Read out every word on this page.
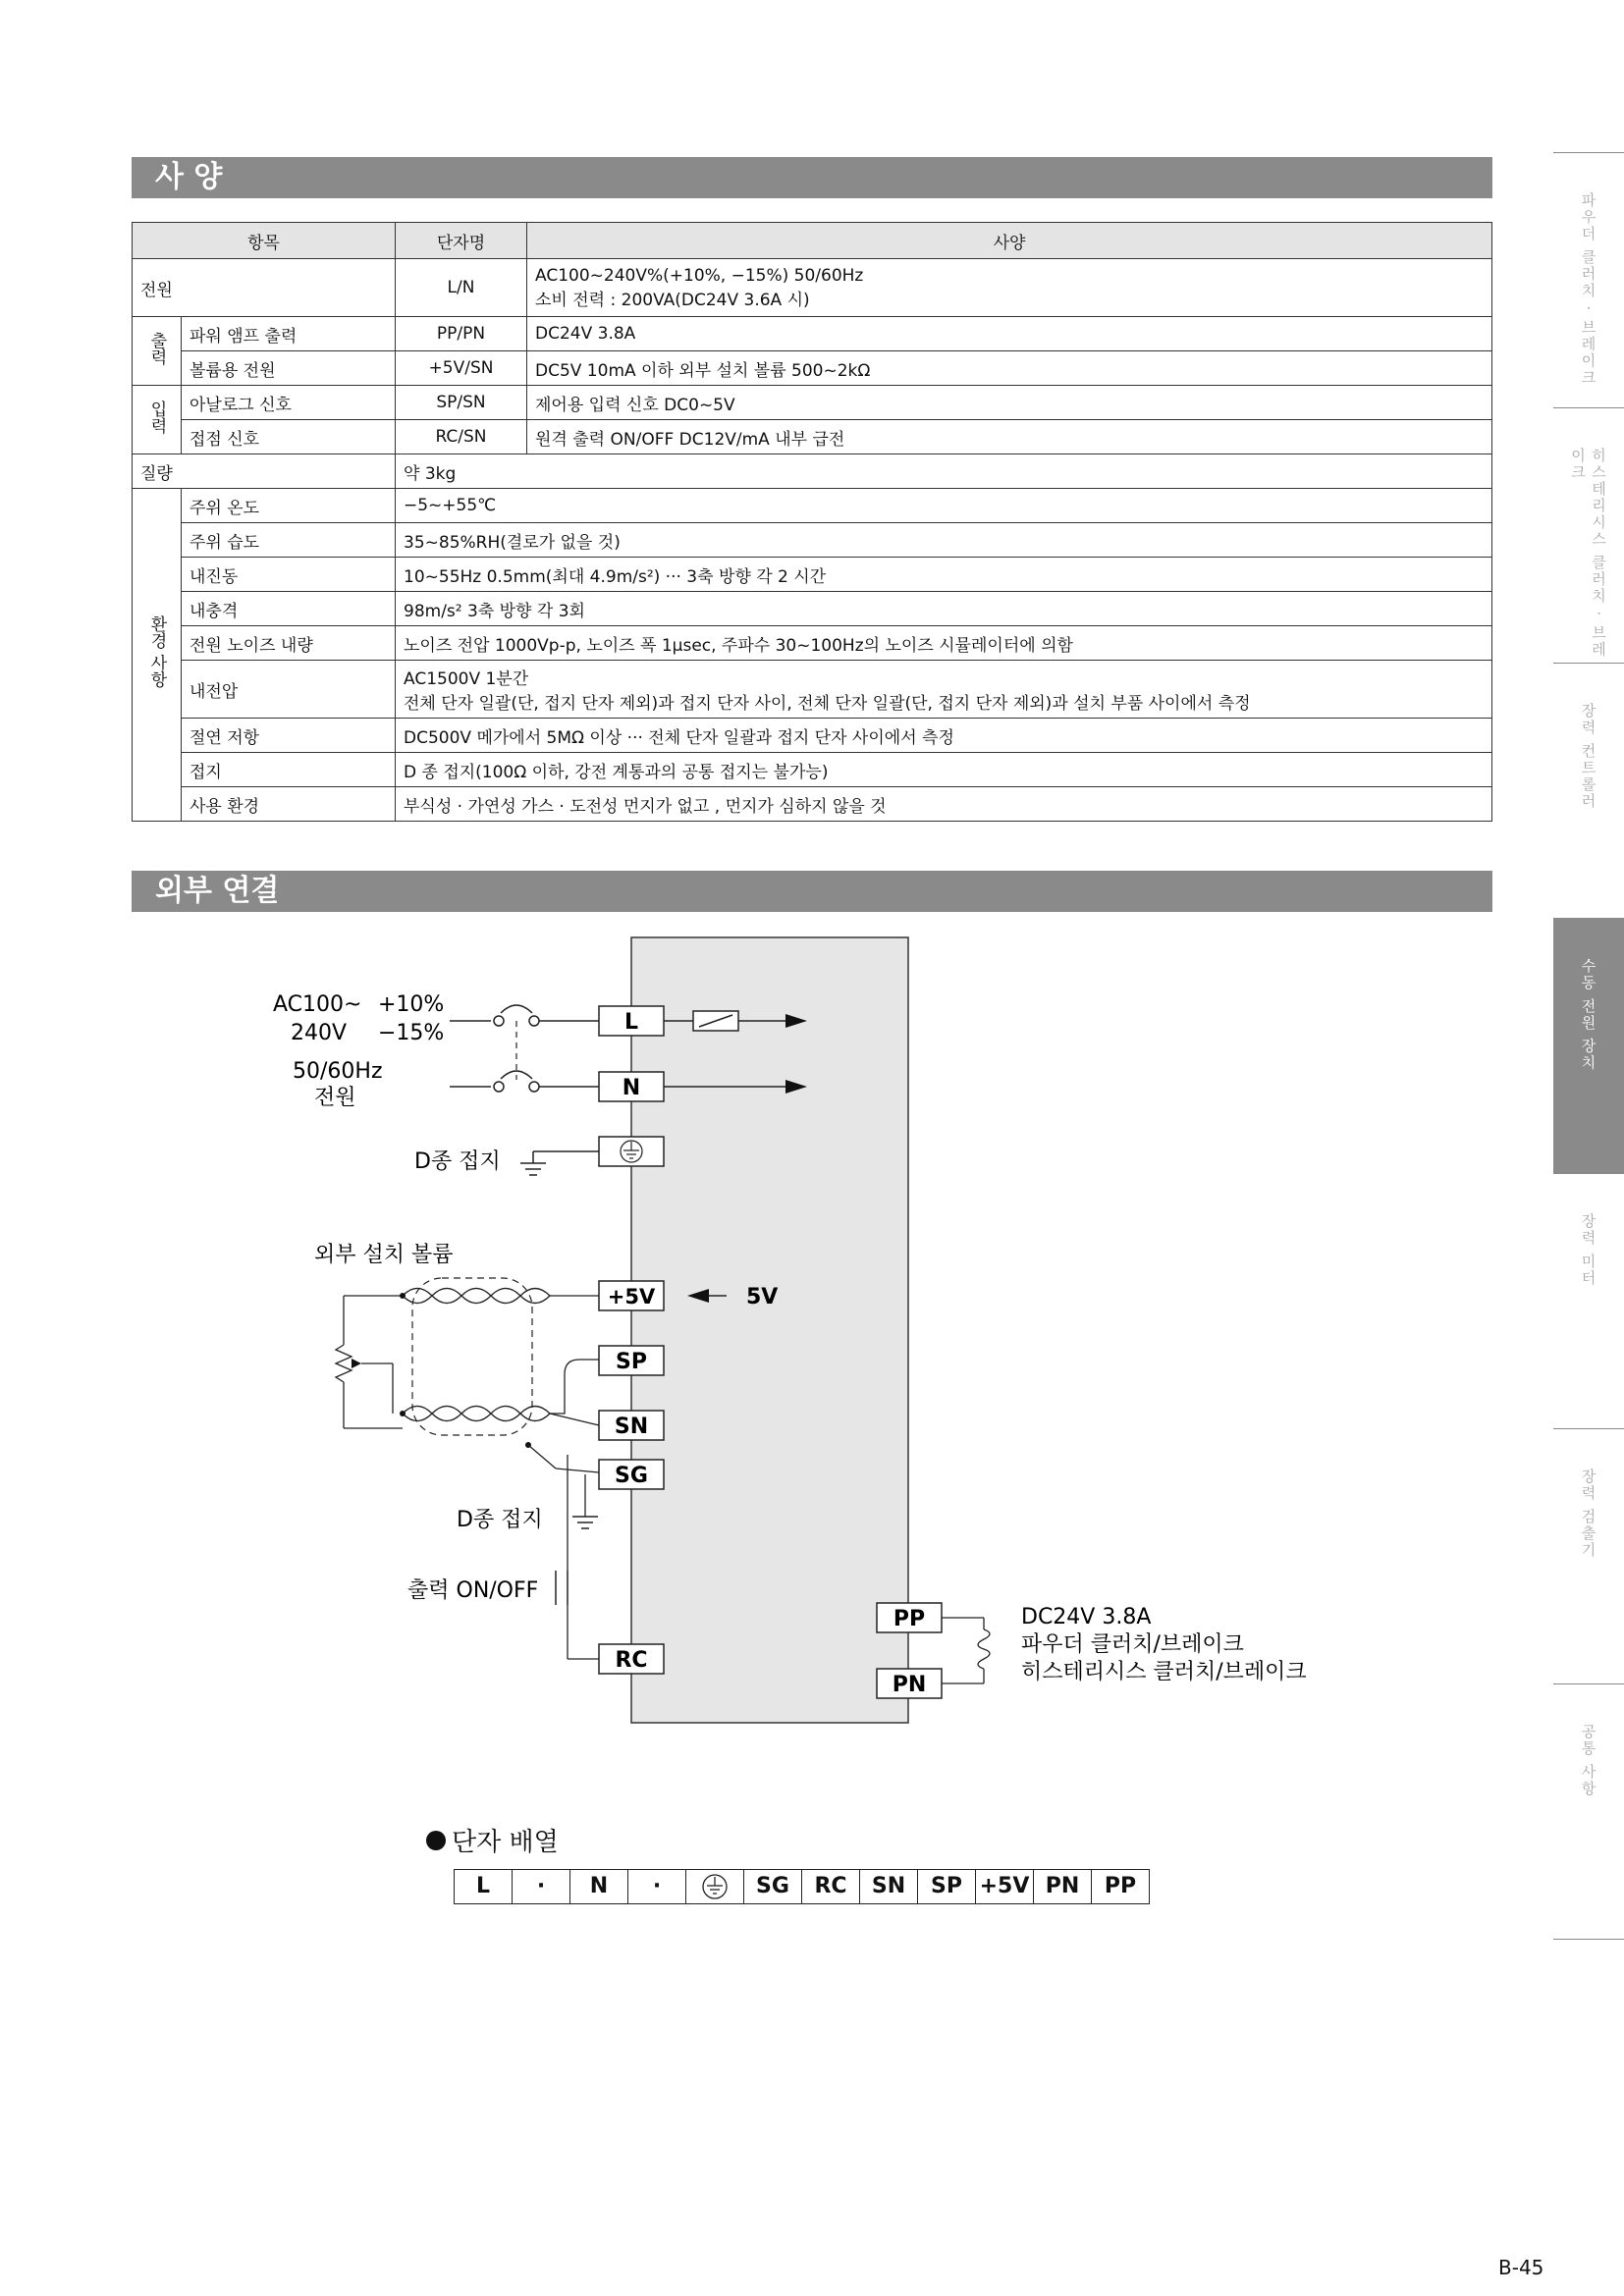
사 양
항목		단자명	사양
전원		L/N	AC100~240V%(+10%, −15%) 50/60Hz
소비 전력 : 200VA(DC24V 3.6A 시)

출력	파워 앰프 출력	PP/PN	DC24V 3.8A
	볼륨용 전원	+5V/SN	DC5V 10mA 이하 외부 설치 볼륨 500~2kΩ
입력	아날로그 신호	SP/SN	제어용 입력 신호 DC0~5V
	접점 신호	RC/SN	원격 출력 ON/OFF DC12V/mA 내부 급전
질량		약 3kg	
환경 사항	주위 온도	−5~+55℃	
	주위 습도	35~85%RH(결로가 없을 것)	
	내진동	10~55Hz 0.5mm(최대 4.9m/s²) ··· 3축 방향 각 2 시간	
	내충격	98m/s² 3축 방향 각 3회	
	전원 노이즈 내량	노이즈 전압 1000Vp-p, 노이즈 폭 1μsec, 주파수 30~100Hz의 노이즈 시뮬레이터에 의함	
	내전압	AC1500V 1분간
전체 단자 일괄(단, 접지 단자 제외)과 접지 단자 사이, 전체 단자 일괄(단, 접지 단자 제외)과 설치 부품 사이에서 측정	

	절연 저항	DC500V 메가에서 5MΩ 이상 ··· 전체 단자 일괄과 접지 단자 사이에서 측정	
	접지	D 종 접지(100Ω 이하, 강전 계통과의 공통 접지는 불가능)	
	사용 환경	부식성 · 가연성 가스 · 도전성 먼지가 없고 , 먼지가 심하지 않을 것	
외부 연결
AC100~ +10%
240V −15%
50/60Hz
전원
L
N
D종 접지
외부 설치 볼륨
+5V	5V
SP
SN
SG
D종 접지
출력 ON/OFF
RC
PP
PN
DC24V 3.8A
파우더 클러치/브레이크
히스테리시스 클러치/브레이크
단자 배열
L	·	N	·	SG	RC	SN	SP +5V PN	PP
파우더 클러치 · 브레이크
히스테리시스 클러치 · 브레이크
장력 컨트롤러
수동 전원 장치
장력 미터
장력 검출기
공통 사항
B-45
